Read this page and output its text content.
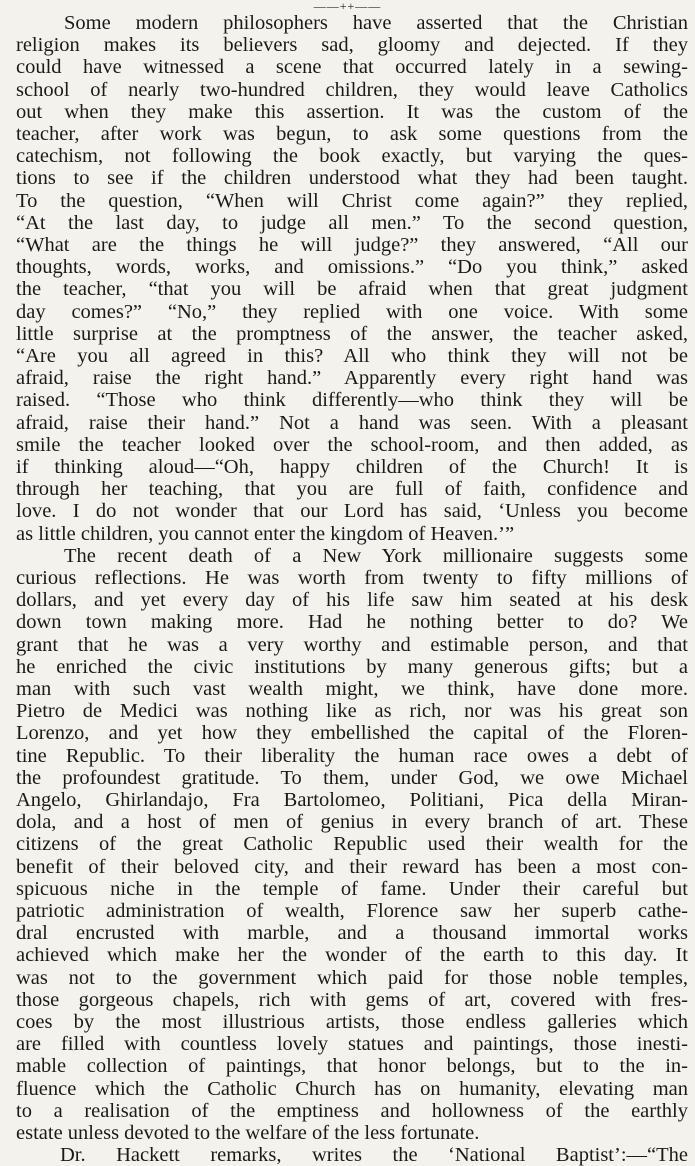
——++——
Some modern philosophers have asserted that the Christian
religion makes its believers sad, gloomy and dejected. If they
could have witnessed a scene that occurred lately in a sewing-
school of nearly two-hundred children, they would leave Catholics
out when they make this assertion. It was the custom of the
teacher, after work was begun, to ask some questions from the
catechism, not following the book exactly, but varying the ques-
tions to see if the children understood what they had been taught.
To the question, “When will Christ come again?” they replied,
“At the last day, to judge all men.” To the second question,
“What are the things he will judge?” they answered, “All our
thoughts, words, works, and omissions.” “Do you think,” asked
the teacher, “that you will be afraid when that great judgment
day comes?” “No,” they replied with one voice. With some
little surprise at the promptness of the answer, the teacher asked,
“Are you all agreed in this? All who think they will not be
afraid, raise the right hand.” Apparently every right hand was
raised. “Those who think differently—who think they will be
afraid, raise their hand.” Not a hand was seen. With a pleasant
smile the teacher looked over the school-room, and then added, as
if thinking aloud—“Oh, happy children of the Church! It is
through her teaching, that you are full of faith, confidence and
love. I do not wonder that our Lord has said, ‘Unless you become
as little children, you cannot enter the kingdom of Heaven.’”
The recent death of a New York millionaire suggests some
curious reflections. He was worth from twenty to fifty millions of
dollars, and yet every day of his life saw him seated at his desk
down town making more. Had he nothing better to do? We
grant that he was a very worthy and estimable person, and that
he enriched the civic institutions by many generous gifts; but a
man with such vast wealth might, we think, have done more.
Pietro de Medici was nothing like as rich, nor was his great son
Lorenzo, and yet how they embellished the capital of the Floren-
tine Republic. To their liberality the human race owes a debt of
the profoundest gratitude. To them, under God, we owe Michael
Angelo, Ghirlandajo, Fra Bartolomeo, Politiani, Pica della Miran-
dola, and a host of men of genius in every branch of art. These
citizens of the great Catholic Republic used their wealth for the
benefit of their beloved city, and their reward has been a most con-
spicuous niche in the temple of fame. Under their careful but
patriotic administration of wealth, Florence saw her superb cathe-
dral encrusted with marble, and a thousand immortal works
achieved which make her the wonder of the earth to this day. It
was not to the government which paid for those noble temples,
those gorgeous chapels, rich with gems of art, covered with fres-
coes by the most illustrious artists, those endless galleries which
are filled with countless lovely statues and paintings, those inesti-
mable collection of paintings, that honor belongs, but to the in-
fluence which the Catholic Church has on humanity, elevating man
to a realisation of the emptiness and hollowness of the earthly
estate unless devoted to the welfare of the less fortunate.
Dr. Hackett remarks, writes the ‘National Baptist’:—“The
